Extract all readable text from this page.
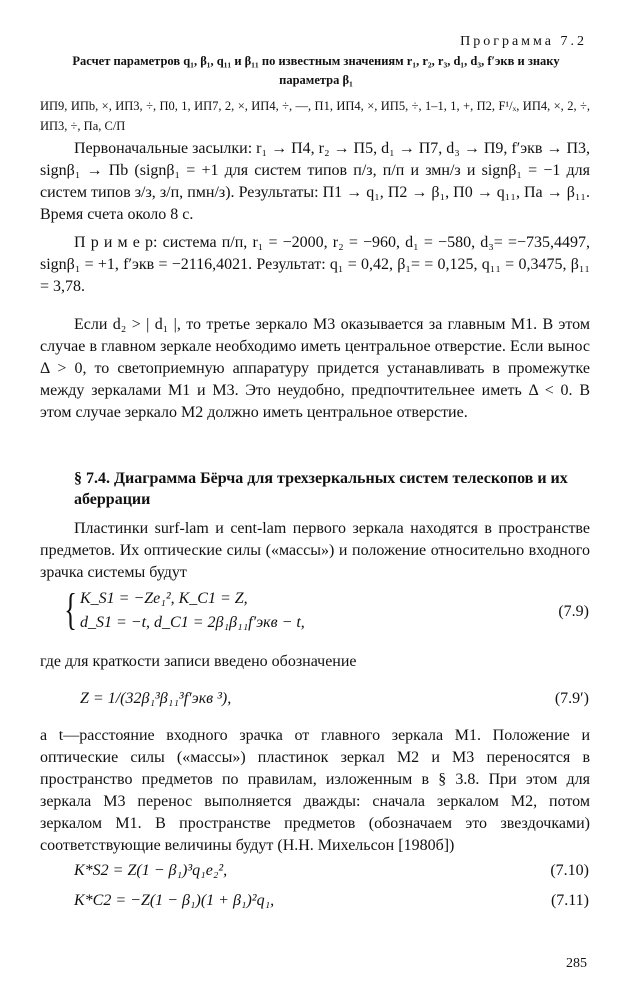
Программа 7.2
Расчет параметров q₁, β₁, q₁₁ и β₁₁ по известным значениям r₁, r₂, r₃, d₁, d₃, f′экв и знаку
параметра β₁
ИП9, ИПb, ×, ИП3, ÷, П0, 1, ИП7, 2, ×, ИП4, ÷, —, П1, ИП4, ×, ИП5, ÷, 1–1, 1, +, П2, F¹/ₓ, ИП4, ×, 2, ÷, ИП3, ÷, Па, С/П

Первоначальные засылки: r₁ → П4, r₂ → П5, d₁ → П7, d₃ → П9, f′экв → П3, signβ₁ → Пb (signβ₁ = +1 для систем типов п/з, п/п и змн/з и signβ₁ = −1 для систем типов з/з, з/п, пмн/з). Результаты: П1 → q₁, П2 → β₁, П0 → q₁₁, Па → β₁₁. Время счета около 8 с.

П р и м е р: система п/п, r₁ = −2000, r₂ = −960, d₁ = −580, d₃= =−735,4497, signβ₁ = +1, f′экв = −2116,4021. Результат: q₁ = 0,42, β₁= = 0,125, q₁₁ = 0,3475, β₁₁ = 3,78.

Если d₂ > | d₁ |, то третье зеркало М3 оказывается за главным М1. В этом случае в главном зеркале необходимо иметь центральное отверстие. Если вынос Δ > 0, то светоприемную аппаратуру придется устанавливать в промежутке между зеркалами М1 и М3. Это неудобно, предпочтительнее иметь Δ < 0. В этом случае зеркало М2 должно иметь центральное отверстие.

§ 7.4. Диаграмма Бёрча для трехзеркальных систем телескопов и их аберрации

Пластинки surf-lam и cent-lam первого зеркала находятся в пространстве предметов. Их оптические силы («массы») и положение относительно входного зрачка системы будут

{ K_S1 = −Ze₁², K_C1 = Z,
d_S1 = −t, d_C1 = 2β₁β₁₁f′экв − t,
(7.9)

где для краткости записи введено обозначение

Z = 1/(32β₁³β₁₁³f′экв ³),	(7.9′)

а t—расстояние входного зрачка от главного зеркала М1. Положение и оптические силы («массы») пластинок зеркал М2 и М3 переносятся в пространство предметов по правилам, изложенным в § 3.8. При этом для зеркала М3 перенос выполняется дважды: сначала зеркалом М2, потом зеркалом М1. В пространстве предметов (обозначаем это звездочками) соответствующие величины будут (Н.Н. Михельсон [1980б])

K*S2 = Z(1 − β₁)³q₁e₂²,	(7.10)
K*C2 = −Z(1 − β₁)(1 + β₁)²q₁,	(7.11)
285
